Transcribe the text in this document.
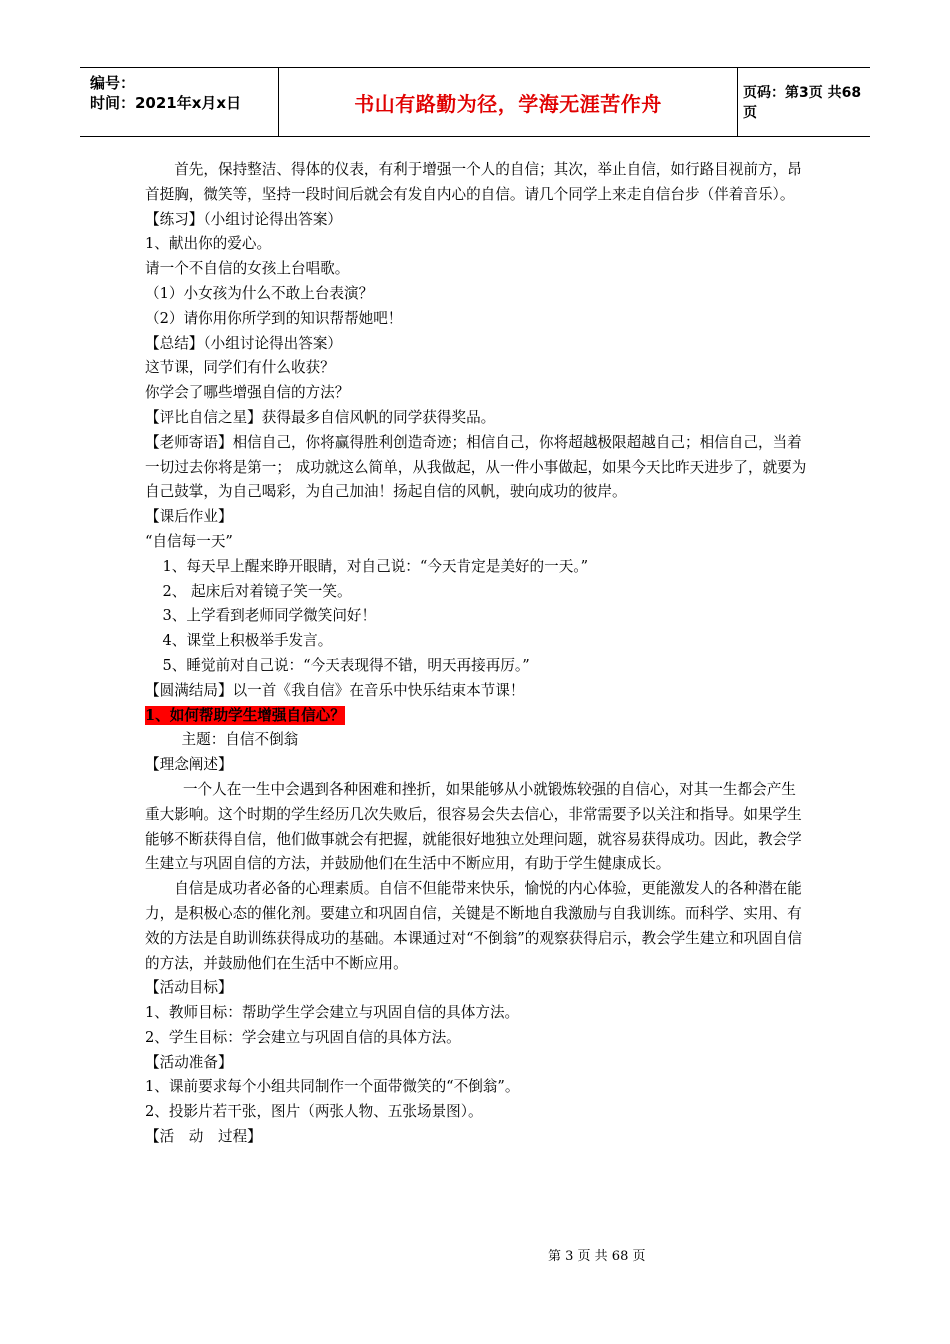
编号：
时间：2021年x月x日	书山有路勤为径，学海无涯苦作舟	页码：第3页 共68页

首先，保持整洁、得体的仪表，有利于增强一个人的自信；其次，举止自信，如行路目视前方，昂首挺胸，微笑等，坚持一段时间后就会有发自内心的自信。请几个同学上来走自信台步（伴着音乐）。

【练习】（小组讨论得出答案）

1、献出你的爱心。

请一个不自信的女孩上台唱歌。

（1）小女孩为什么不敢上台表演？

（2）请你用你所学到的知识帮帮她吧！

【总结】（小组讨论得出答案）

这节课，同学们有什么收获？

你学会了哪些增强自信的方法？

【评比自信之星】获得最多自信风帆的同学获得奖品。

【老师寄语】相信自己，你将赢得胜利创造奇迹；相信自己，你将超越极限超越自己；相信自己，当着一切过去你将是第一； 成功就这么简单，从我做起，从一件小事做起，如果今天比昨天进步了，就要为自己鼓掌，为自己喝彩，为自己加油！扬起自信的风帆，驶向成功的彼岸。

【课后作业】

“自信每一天”

1、每天早上醒来睁开眼睛，对自己说：“今天肯定是美好的一天。”

2、 起床后对着镜子笑一笑。

3、上学看到老师同学微笑问好！

4、课堂上积极举手发言。

5、睡觉前对自己说：“今天表现得不错，明天再接再厉。”

【圆满结局】以一首《我自信》在音乐中快乐结束本节课！

1、如何帮助学生增强自信心？

主题：自信不倒翁

【理念阐述】

一个人在一生中会遇到各种困难和挫折，如果能够从小就锻炼较强的自信心，对其一生都会产生重大影响。这个时期的学生经历几次失败后，很容易会失去信心，非常需要予以关注和指导。如果学生能够不断获得自信，他们做事就会有把握，就能很好地独立处理问题，就容易获得成功。因此，教会学生建立与巩固自信的方法，并鼓励他们在生活中不断应用，有助于学生健康成长。

自信是成功者必备的心理素质。自信不但能带来快乐，愉悦的内心体验，更能激发人的各种潜在能力，是积极心态的催化剂。要建立和巩固自信，关键是不断地自我激励与自我训练。而科学、实用、有效的方法是自助训练获得成功的基础。本课通过对“不倒翁”的观察获得启示，教会学生建立和巩固自信的方法，并鼓励他们在生活中不断应用。

【活动目标】

1、教师目标：帮助学生学会建立与巩固自信的具体方法。

2、学生目标：学会建立与巩固自信的具体方法。

【活动准备】

1、课前要求每个小组共同制作一个面带微笑的“不倒翁”。

2、投影片若干张，图片（两张人物、五张场景图）。

【活　动　过程】

第 3 页 共 68 页
